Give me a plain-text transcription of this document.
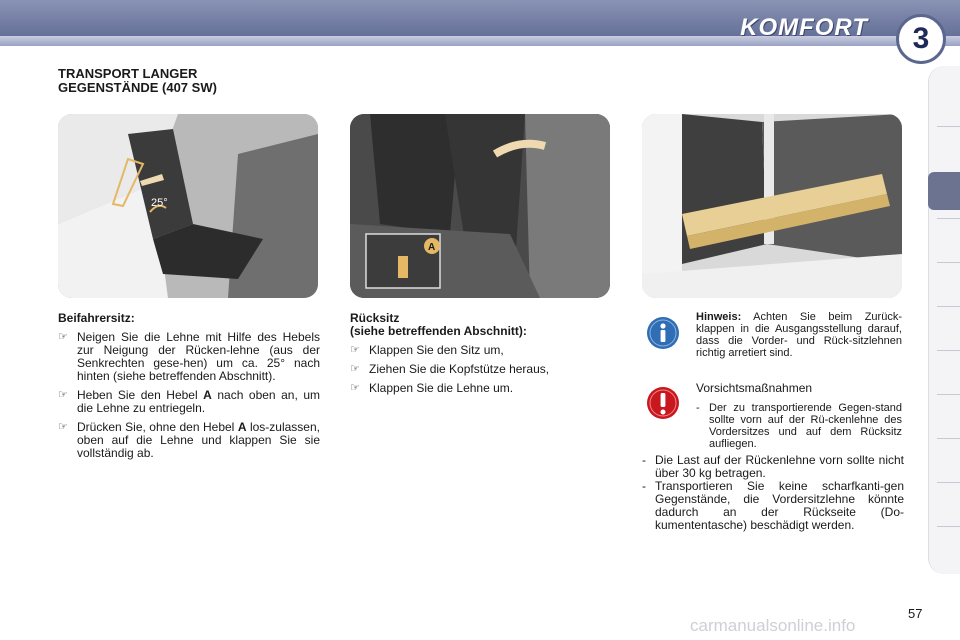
KOMFORT	3
TRANSPORT LANGER
GEGENSTÄNDE (407 SW)
25°
A
Beifahrersitz:
☞ Neigen Sie die Lehne mit Hilfe des Hebels zur Neigung der Rücken-lehne (aus der Senkrechten gese-hen) um ca. 25° nach hinten (siehe betreffenden Abschnitt).
☞ Heben Sie den Hebel A nach oben an, um die Lehne zu entriegeln.
☞ Drücken Sie, ohne den Hebel A los-zulassen, oben auf die Lehne und klappen Sie sie vollständig ab.
Rücksitz
(siehe betreffenden Abschnitt):
☞ Klappen Sie den Sitz um,
☞ Ziehen Sie die Kopfstütze heraus,
☞ Klappen Sie die Lehne um.
Hinweis: Achten Sie beim Zurück-klappen in die Ausgangsstellung darauf, dass die Vorder- und Rück-sitzlehnen richtig arretiert sind.
Vorsichtsmaßnahmen
- Der zu transportierende Gegen-stand sollte vorn auf der Rü-ckenlehne des Vordersitzes und auf dem Rücksitz aufliegen.
- Die Last auf der Rückenlehne vorn sollte nicht über 30 kg betragen.
- Transportieren Sie keine scharfkanti-gen Gegenstände, die Vordersitzlehne könnte dadurch an der Rückseite (Do-kumententasche) beschädigt werden.
57
carmanualsonline.info
